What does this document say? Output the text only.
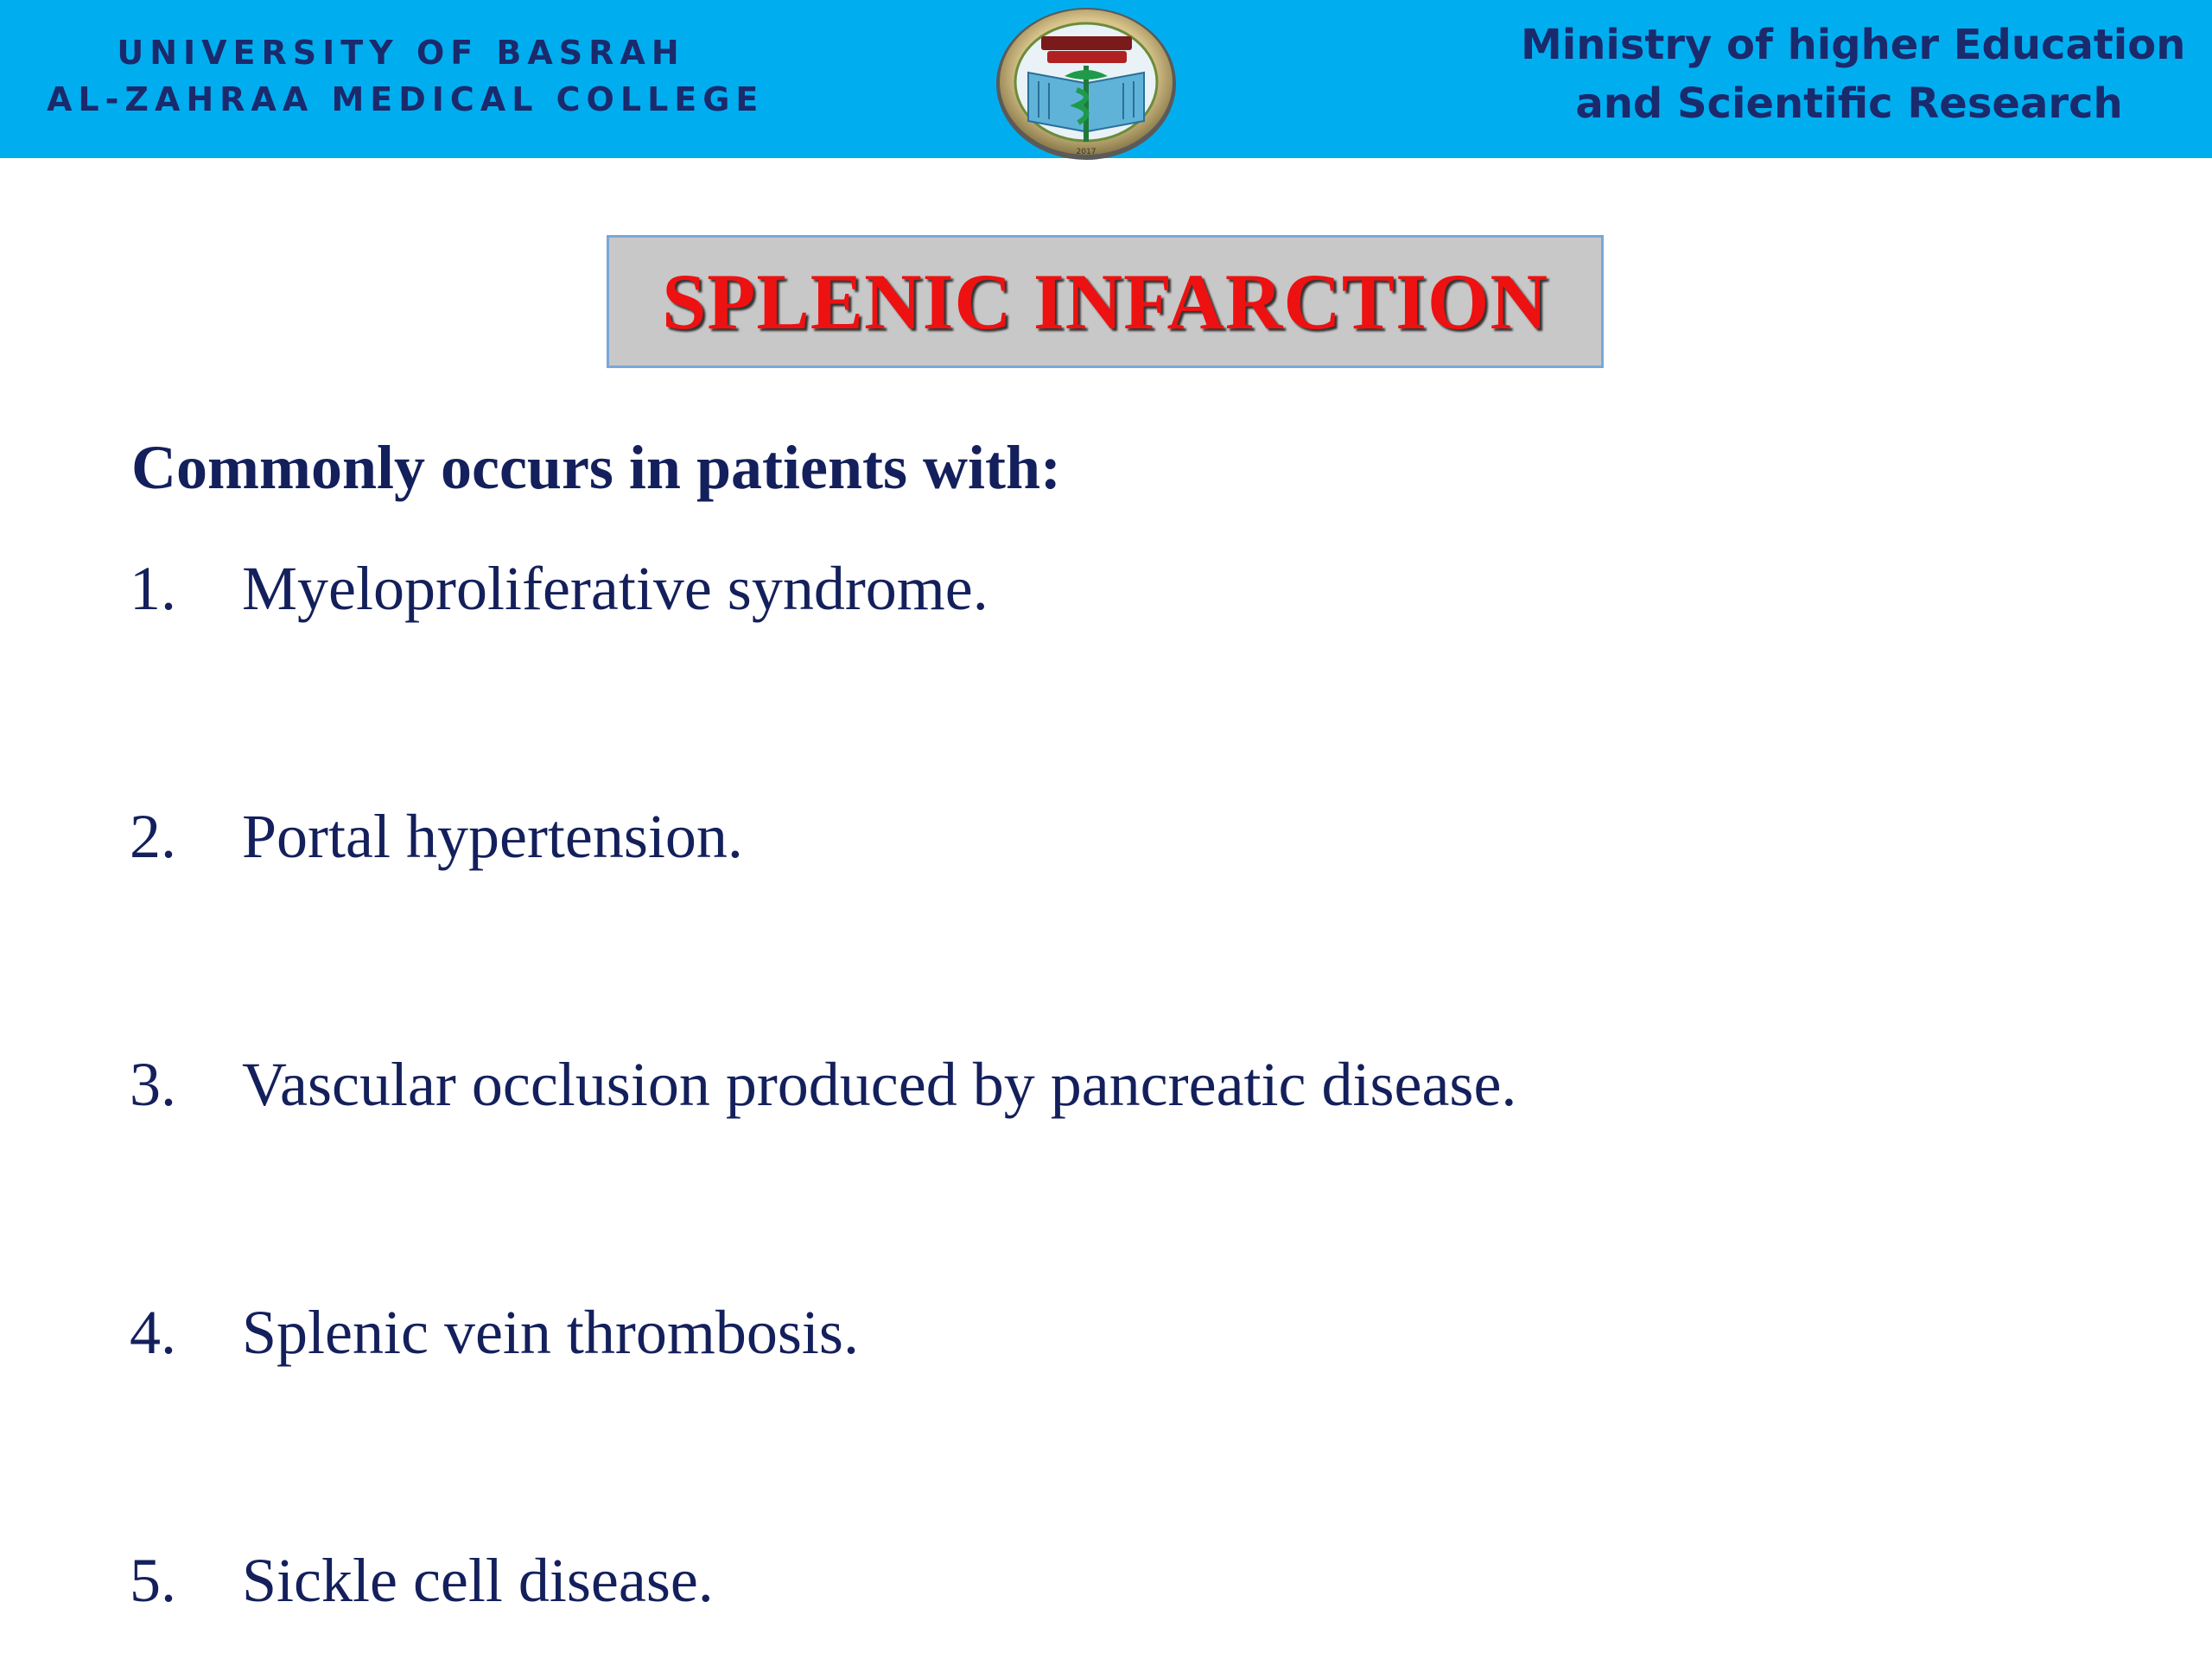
UNIVERSITY OF BASRAH
AL-ZAHRAA MEDICAL COLLEGE
2017
Ministry of higher Education
and Scientific Research
SPLENIC INFARCTION
Commonly occurs in patients with:
1. Myeloproliferative syndrome.
2. Portal hypertension.
3. Vascular occlusion produced by pancreatic disease.
4. Splenic vein thrombosis.
5. Sickle cell disease.
